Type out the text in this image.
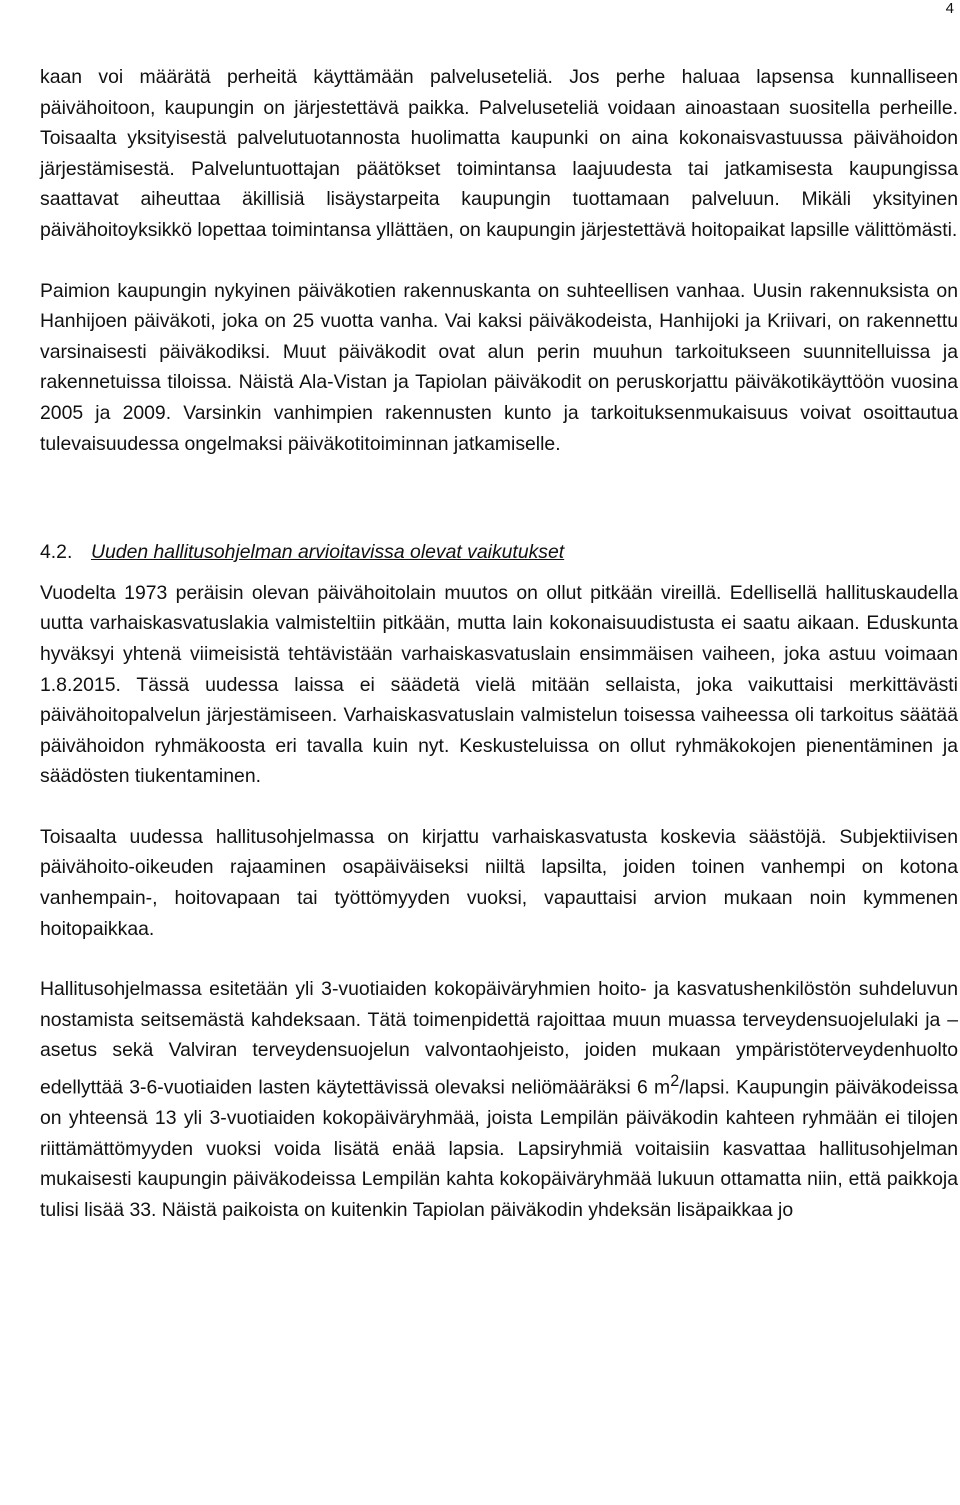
4

kaan voi määrätä perheitä käyttämään palveluseteliä. Jos perhe haluaa lapsensa kunnalliseen päivähoitoon, kaupungin on järjestettävä paikka. Palveluseteliä voidaan ainoastaan suositella perheille. Toisaalta yksityisestä palvelutuotannosta huolimatta kaupunki on aina kokonaisvastuussa päivähoidon järjestämisestä. Palveluntuottajan päätökset toimintansa laajuudesta tai jatkamisesta kaupungissa saattavat aiheuttaa äkillisiä lisäystarpeita kaupungin tuottamaan palveluun. Mikäli yksityinen päivähoitoyksikkö lopettaa toimintansa yllättäen, on kaupungin järjestettävä hoitopaikat lapsille välittömästi.

Paimion kaupungin nykyinen päiväkotien rakennuskanta on suhteellisen vanhaa. Uusin rakennuksista on Hanhijoen päiväkoti, joka on 25 vuotta vanha. Vai kaksi päiväkodeista, Hanhijoki ja Kriivari, on rakennettu varsinaisesti päiväkodiksi. Muut päiväkodit ovat alun perin muuhun tarkoitukseen suunnitelluissa ja rakennetuissa tiloissa. Näistä Ala-Vistan ja Tapiolan päiväkodit on peruskorjattu päiväkotikäyttöön vuosina 2005 ja 2009. Varsinkin vanhimpien rakennusten kunto ja tarkoituksenmukaisuus voivat osoittautua tulevaisuudessa ongelmaksi päiväkotitoiminnan jatkamiselle.

4.2. Uuden hallitusohjelman arvioitavissa olevat vaikutukset

Vuodelta 1973 peräisin olevan päivähoitolain muutos on ollut pitkään vireillä. Edellisellä hallituskaudella uutta varhaiskasvatuslakia valmisteltiin pitkään, mutta lain kokonaisuudistusta ei saatu aikaan. Eduskunta hyväksyi yhtenä viimeisistä tehtävistään varhaiskasvatuslain ensimmäisen vaiheen, joka astuu voimaan 1.8.2015. Tässä uudessa laissa ei säädetä vielä mitään sellaista, joka vaikuttaisi merkittävästi päivähoitopalvelun järjestämiseen. Varhaiskasvatuslain valmistelun toisessa vaiheessa oli tarkoitus säätää päivähoidon ryhmäkoosta eri tavalla kuin nyt. Keskusteluissa on ollut ryhmäkokojen pienentäminen ja säädösten tiukentaminen.

Toisaalta uudessa hallitusohjelmassa on kirjattu varhaiskasvatusta koskevia säästöjä. Subjektiivisen päivähoito-oikeuden rajaaminen osapäiväiseksi niiltä lapsilta, joiden toinen vanhempi on kotona vanhempain-, hoitovapaan tai työttömyyden vuoksi, vapauttaisi arvion mukaan noin kymmenen hoitopaikkaa.

Hallitusohjelmassa esitetään yli 3-vuotiaiden kokopäiväryhmien hoito- ja kasvatushenkilöstön suhdeluvun nostamista seitsemästä kahdeksaan. Tätä toimenpidettä rajoittaa muun muassa terveydensuojelulaki ja –asetus sekä Valviran terveydensuojelun valvontaohjeisto, joiden mukaan ympäristöterveydenhuolto edellyttää 3-6-vuotiaiden lasten käytettävissä olevaksi neliömääräksi 6 $m^2$/lapsi. Kaupungin päiväkodeissa on yhteensä 13 yli 3-vuotiaiden kokopäiväryhmää, joista Lempilän päiväkodin kahteen ryhmään ei tilojen riittämättömyyden vuoksi voida lisätä enää lapsia. Lapsiryhmiä voitaisiin kasvattaa hallitusohjelman mukaisesti kaupungin päiväkodeissa Lempilän kahta kokopäiväryhmää lukuun ottamatta niin, että paikkoja tulisi lisää 33. Näistä paikoista on kuitenkin Tapiolan päiväkodin yhdeksän lisäpaikkaa jo
